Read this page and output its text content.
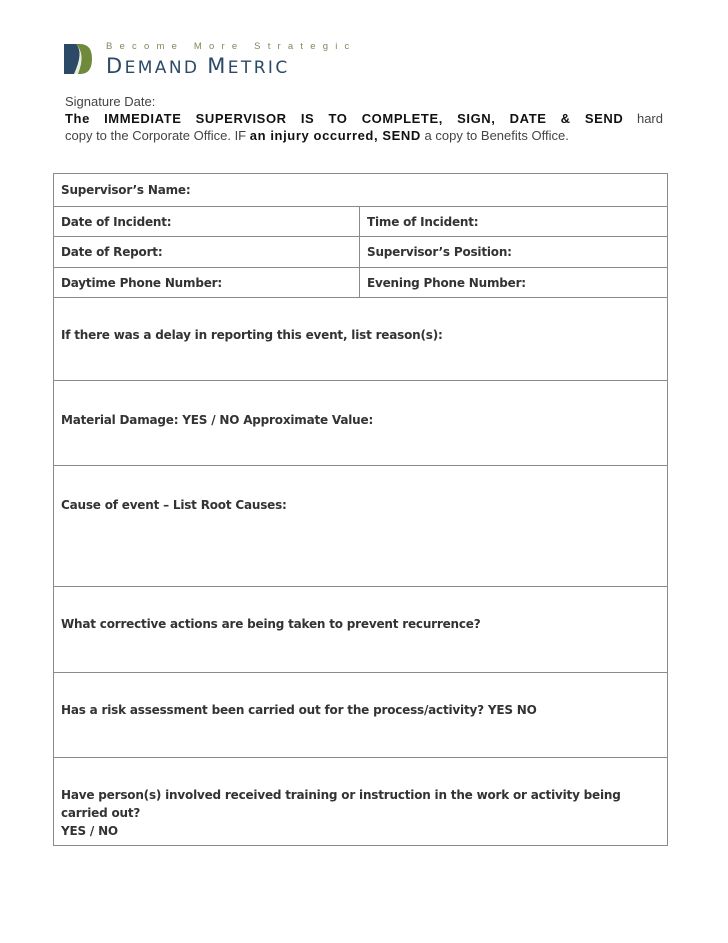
Become More Strategic
DEMAND METRIC
Signature Date:
The IMMEDIATE SUPERVISOR IS TO COMPLETE, SIGN, DATE & SEND hard
copy to the Corporate Office. IF an injury occurred, SEND a copy to Benefits Office.
Supervisor’s Name:
Date of Incident:	Time of Incident:
Date of Report:	Supervisor’s Position:
Daytime Phone Number:	Evening Phone Number:
If there was a delay in reporting this event, list reason(s):
Material Damage: YES / NO Approximate Value:
Cause of event – List Root Causes:
What corrective actions are being taken to prevent recurrence?
Has a risk assessment been carried out for the process/activity? YES NO
Have person(s) involved received training or instruction in the work or activity being carried out?
YES / NO
